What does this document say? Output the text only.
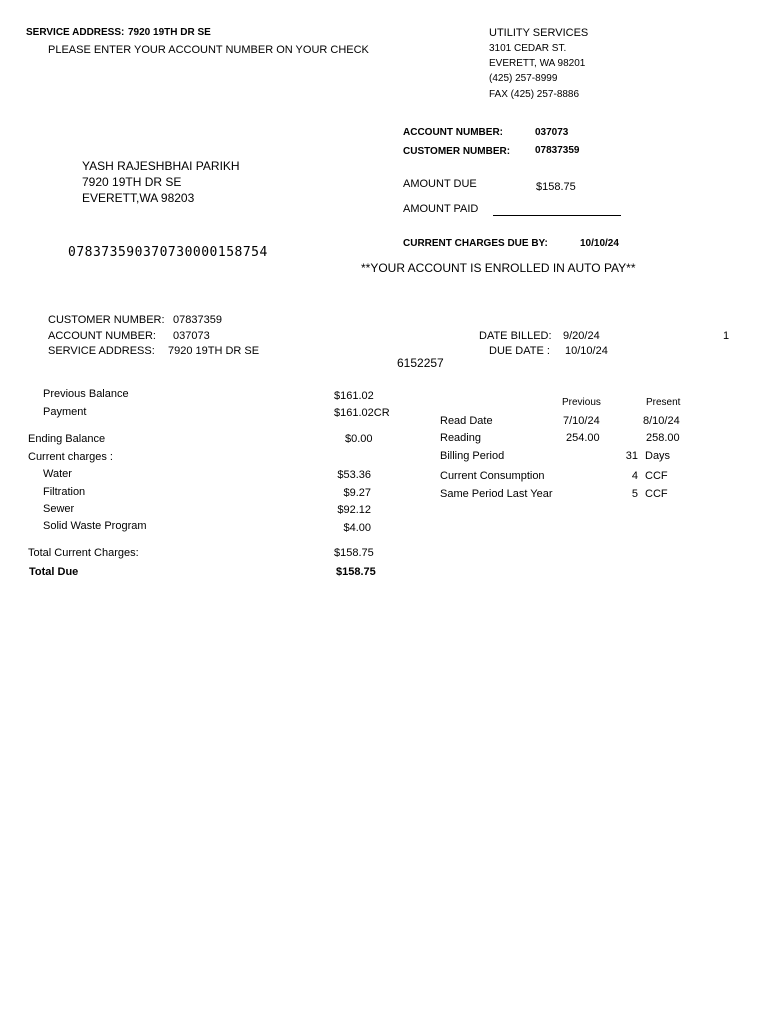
SERVICE ADDRESS: 7920 19TH DR SE
PLEASE ENTER YOUR ACCOUNT NUMBER ON YOUR CHECK
UTILITY SERVICES
3101 CEDAR ST.
EVERETT, WA 98201
(425) 257-8999
FAX (425) 257-8886
ACCOUNT NUMBER:	037073
CUSTOMER NUMBER: 07837359
YASH RAJESHBHAI PARIKH
7920 19TH DR SE
EVERETT,WA 98203
AMOUNT DUE	$158.75
AMOUNT PAID
CURRENT CHARGES DUE BY:	10/10/24
078373590370730000158754
**YOUR ACCOUNT IS ENROLLED IN AUTO PAY**
CUSTOMER NUMBER: 07837359
ACCOUNT NUMBER: 037073
SERVICE ADDRESS: 7920 19TH DR SE
DATE BILLED: 9/20/24
DUE DATE : 10/10/24
1
6152257
Previous Balance	$161.02
Payment	$161.02CR
Ending Balance	$0.00
Current charges :
Water	$53.36
Filtration	$9.27
Sewer	$92.12
Solid Waste Program	$4.00
Total Current Charges:	$158.75
Total Due	$158.75
Previous	Present
Read Date	7/10/24	8/10/24
Reading	254.00	258.00
Billing Period	31 Days
Current Consumption	4 CCF
Same Period Last Year	5 CCF
